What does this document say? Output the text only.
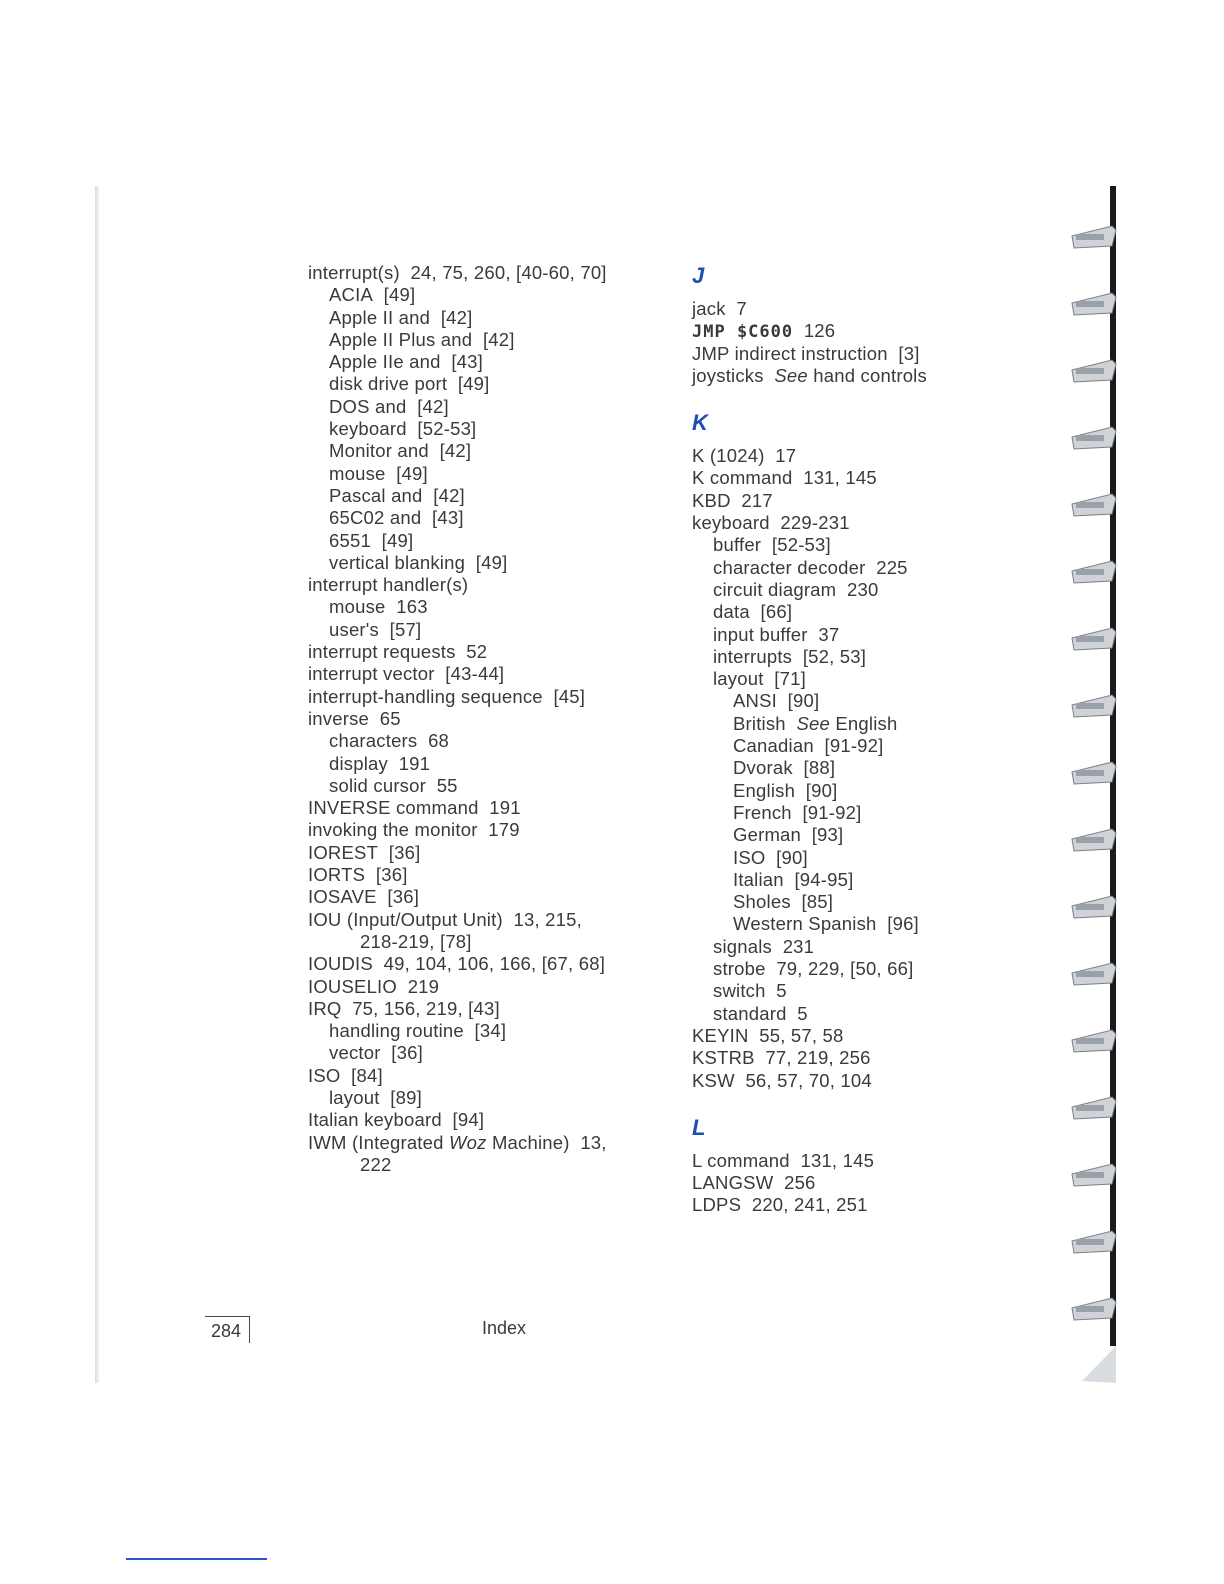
interrupt(s) 24, 75, 260, [40-60, 70]
ACIA [49]
Apple II and [42]
Apple II Plus and [42]
Apple IIe and [43]
disk drive port [49]
DOS and [42]
keyboard [52-53]
Monitor and [42]
mouse [49]
Pascal and [42]
65C02 and [43]
6551 [49]
vertical blanking [49]
interrupt handler(s)
mouse 163
user's [57]
interrupt requests 52
interrupt vector [43-44]
interrupt-handling sequence [45]
inverse 65
characters 68
display 191
solid cursor 55
INVERSE command 191
invoking the monitor 179
IOREST [36]
IORTS [36]
IOSAVE [36]
IOU (Input/Output Unit) 13, 215,
218-219, [78]
IOUDIS 49, 104, 106, 166, [67, 68]
IOUSELIO 219
IRQ 75, 156, 219, [43]
handling routine [34]
vector [36]
ISO [84]
layout [89]
Italian keyboard [94]
IWM (Integrated Woz Machine) 13,
222
J
jack 7
JMP $C600 126
JMP indirect instruction [3]
joysticks See hand controls
K
K (1024) 17
K command 131, 145
KBD 217
keyboard 229-231
buffer [52-53]
character decoder 225
circuit diagram 230
data [66]
input buffer 37
interrupts [52, 53]
layout [71]
ANSI [90]
British See English
Canadian [91-92]
Dvorak [88]
English [90]
French [91-92]
German [93]
ISO [90]
Italian [94-95]
Sholes [85]
Western Spanish [96]
signals 231
strobe 79, 229, [50, 66]
switch 5
standard 5
KEYIN 55, 57, 58
KSTRB 77, 219, 256
KSW 56, 57, 70, 104
L
L command 131, 145
LANGSW 256
LDPS 220, 241, 251
284	Index
